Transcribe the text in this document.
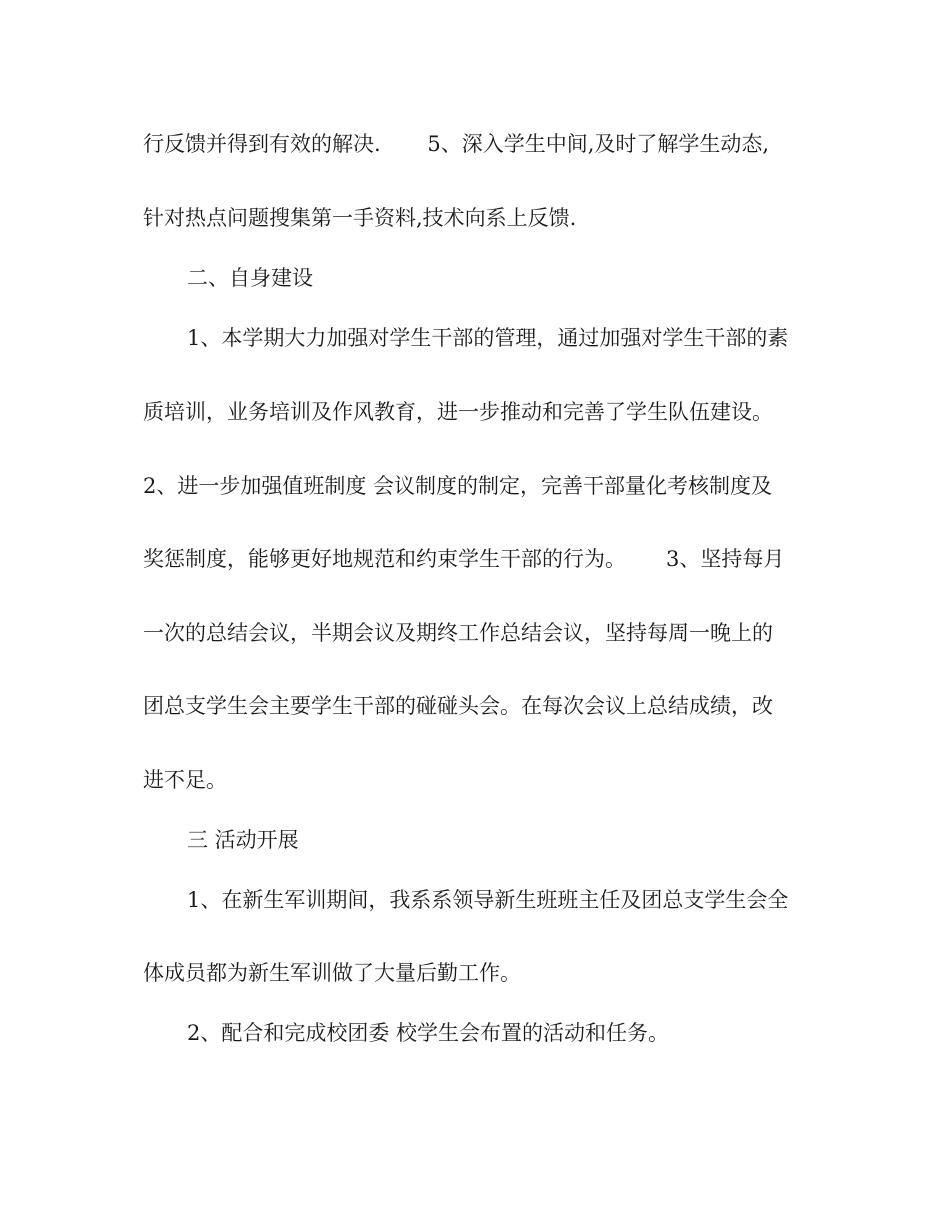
行反馈并得到有效的解决.       5、深入学生中间,及时了解学生动态,
针对热点问题搜集第一手资料,技术向系上反馈.
二、自身建设
1、本学期大力加强对学生干部的管理，通过加强对学生干部的素
质培训，业务培训及作风教育，进一步推动和完善了学生队伍建设。
2、进一步加强值班制度 会议制度的制定，完善干部量化考核制度及
奖惩制度，能够更好地规范和约束学生干部的行为。      3、坚持每月
一次的总结会议，半期会议及期终工作总结会议，坚持每周一晚上的
团总支学生会主要学生干部的碰碰头会。在每次会议上总结成绩，改
进不足。
三 活动开展
1、在新生军训期间，我系系领导新生班班主任及团总支学生会全
体成员都为新生军训做了大量后勤工作。
2、配合和完成校团委 校学生会布置的活动和任务。
